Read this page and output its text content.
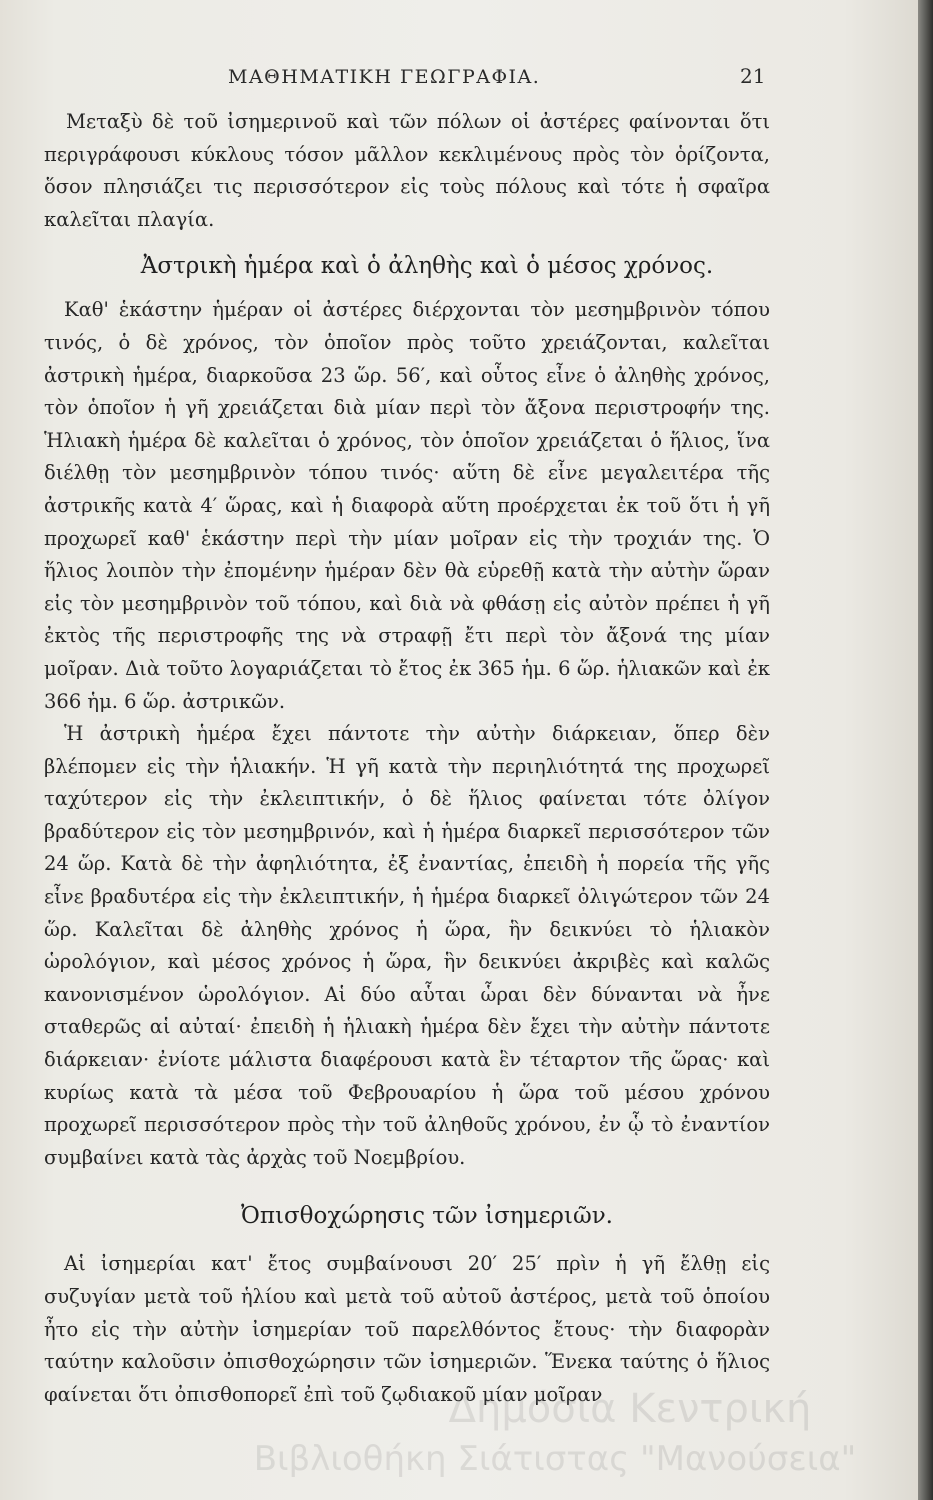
ΜΑΘΗΜΑΤΙΚΗ ΓΕΩΓΡΑΦΙΑ.	21

Μεταξὺ δὲ τοῦ ἰσημερινοῦ καὶ τῶν πόλων οἱ ἀστέρες φαίνονται ὅτι περιγράφουσι κύκλους τόσον μᾶλλον κεκλιμένους πρὸς τὸν ὁρίζοντα, ὅσον πλησιάζει τις περισσότερον εἰς τοὺς πόλους καὶ τότε ἡ σφαῖρα καλεῖται πλαγία.

Ἀστρικὴ ἡμέρα καὶ ὁ ἀληθὴς καὶ ὁ μέσος χρόνος.

Καθ' ἑκάστην ἡμέραν οἱ ἀστέρες διέρχονται τὸν μεσημβρινὸν τόπου τινός, ὁ δὲ χρόνος, τὸν ὁποῖον πρὸς τοῦτο χρειάζονται, καλεῖται ἀστρικὴ ἡμέρα, διαρκοῦσα 23 ὥρ. 56′, καὶ οὗτος εἶνε ὁ ἀληθὴς χρόνος, τὸν ὁποῖον ἡ γῆ χρειάζεται διὰ μίαν περὶ τὸν ἄξονα περιστροφήν της. Ἡλιακὴ ἡμέρα δὲ καλεῖται ὁ χρόνος, τὸν ὁποῖον χρειάζεται ὁ ἥλιος, ἵνα διέλθῃ τὸν μεσημβρινὸν τόπου τινός· αὕτη δὲ εἶνε μεγαλειτέρα τῆς ἀστρικῆς κατὰ 4′ ὥρας, καὶ ἡ διαφορὰ αὕτη προέρχεται ἐκ τοῦ ὅτι ἡ γῆ προχωρεῖ καθ' ἑκάστην περὶ τὴν μίαν μοῖραν εἰς τὴν τροχιάν της. Ὁ ἥλιος λοιπὸν τὴν ἐπομένην ἡμέραν δὲν θὰ εὑρεθῇ κατὰ τὴν αὐτὴν ὥραν εἰς τὸν μεσημβρινὸν τοῦ τόπου, καὶ διὰ νὰ φθάσῃ εἰς αὐτὸν πρέπει ἡ γῆ ἐκτὸς τῆς περιστροφῆς της νὰ στραφῇ ἔτι περὶ τὸν ἄξονά της μίαν μοῖραν. Διὰ τοῦτο λογαριάζεται τὸ ἔτος ἐκ 365 ἡμ. 6 ὥρ. ἡλιακῶν καὶ ἐκ 366 ἡμ. 6 ὥρ. ἀστρικῶν.

Ἡ ἀστρικὴ ἡμέρα ἔχει πάντοτε τὴν αὐτὴν διάρκειαν, ὅπερ δὲν βλέπομεν εἰς τὴν ἡλιακήν. Ἡ γῆ κατὰ τὴν περιηλιότητά της προχωρεῖ ταχύτερον εἰς τὴν ἐκλειπτικήν, ὁ δὲ ἥλιος φαίνεται τότε ὀλίγον βραδύτερον εἰς τὸν μεσημβρινόν, καὶ ἡ ἡμέρα διαρκεῖ περισσότερον τῶν 24 ὥρ. Κατὰ δὲ τὴν ἀφηλιότητα, ἐξ ἐναντίας, ἐπειδὴ ἡ πορεία τῆς γῆς εἶνε βραδυτέρα εἰς τὴν ἐκλειπτικήν, ἡ ἡμέρα διαρκεῖ ὀλιγώτερον τῶν 24 ὥρ. Καλεῖται δὲ ἀληθὴς χρόνος ἡ ὥρα, ἣν δεικνύει τὸ ἡλιακὸν ὡρολόγιον, καὶ μέσος χρόνος ἡ ὥρα, ἣν δεικνύει ἀκριβὲς καὶ καλῶς κανονισμένον ὡρολόγιον. Αἱ δύο αὗται ὧραι δὲν δύνανται νὰ ἦνε σταθερῶς αἱ αὐταί· ἐπειδὴ ἡ ἡλιακὴ ἡμέρα δὲν ἔχει τὴν αὐτὴν πάντοτε διάρκειαν· ἐνίοτε μάλιστα διαφέρουσι κατὰ ἓν τέταρτον τῆς ὥρας· καὶ κυρίως κατὰ τὰ μέσα τοῦ Φεβρουαρίου ἡ ὥρα τοῦ μέσου χρόνου προχωρεῖ περισσότερον πρὸς τὴν τοῦ ἀληθοῦς χρόνου, ἐν ᾧ τὸ ἐναντίον συμβαίνει κατὰ τὰς ἀρχὰς τοῦ Νοεμβρίου.

Ὀπισθοχώρησις τῶν ἰσημεριῶν.

Αἱ ἰσημερίαι κατ' ἔτος συμβαίνουσι 20′ 25′ πρὶν ἡ γῆ ἔλθῃ εἰς συζυγίαν μετὰ τοῦ ἡλίου καὶ μετὰ τοῦ αὐτοῦ ἀστέρος, μετὰ τοῦ ὁποίου ἦτο εἰς τὴν αὐτὴν ἰσημερίαν τοῦ παρελθόντος ἔτους· τὴν διαφορὰν ταύτην καλοῦσιν ὀπισθοχώρησιν τῶν ἰσημεριῶν. Ἕνεκα ταύτης ὁ ἥλιος φαίνεται ὅτι ὀπισθοπορεῖ ἐπὶ τοῦ ζῳδιακοῦ μίαν μοῖραν

Δημόσια Κεντρική
Βιβλιοθήκη Σιάτιστας "Μανούσεια"
